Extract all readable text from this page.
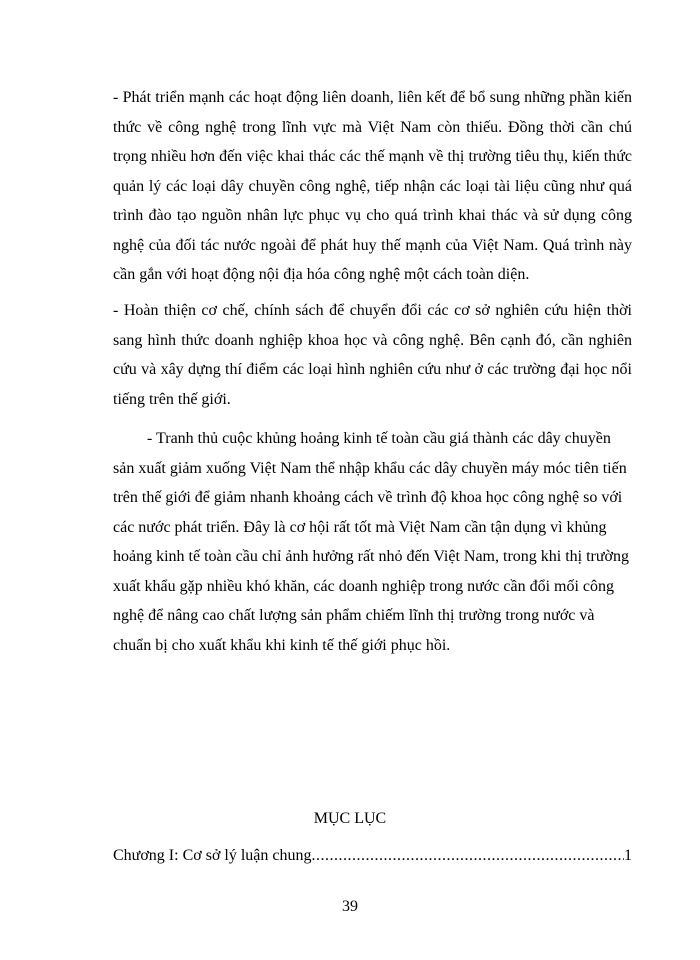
- Phát triển mạnh các hoạt động liên doanh, liên kết để bổ sung những phần kiến thức về công nghệ trong lĩnh vực mà Việt Nam còn thiếu. Đồng thời cần chú trọng nhiều hơn đến việc khai thác các thế mạnh về thị trường tiêu thụ, kiến thức quản lý các loại dây chuyền công nghệ, tiếp nhận các loại tài liệu cũng như quá trình đào tạo nguồn nhân lực phục vụ cho quá trình khai thác và sử dụng công nghệ của đối tác nước ngoài để phát huy thế mạnh của Việt Nam. Quá trình này cần gắn với hoạt động nội địa hóa công nghệ một cách toàn diện.

- Hoàn thiện cơ chế, chính sách để chuyển đổi các cơ sở nghiên cứu hiện thời sang hình thức doanh nghiệp khoa học và công nghệ. Bên cạnh đó, cần nghiên cứu và xây dựng thí điểm các loại hình nghiên cứu như ở các trường đại học nổi tiếng trên thế giới.

- Tranh thủ cuộc khủng hoảng kinh tế toàn cầu giá thành các dây chuyền sản xuất giảm xuống Việt Nam thể nhập khẩu các dây chuyền máy móc tiên tiến trên thế giới để giảm nhanh khoảng cách về trình độ khoa học công nghệ so với các nước phát triển. Đây là cơ hội rất tốt mà Việt Nam cần tận dụng vì khủng hoảng kinh tế toàn cầu chỉ ảnh hưởng rất nhỏ đến Việt Nam, trong khi thị trường xuất khẩu gặp nhiều khó khăn, các doanh nghiệp trong nước cần đổi mối công nghệ để nâng cao chất lượng sản phẩm chiếm lĩnh thị trường trong nước và chuẩn bị cho xuất khẩu khi kinh tế thế giới phục hồi.

MỤC LỤC

Chương I: Cơ sở lý luận chung
.....	1

39
